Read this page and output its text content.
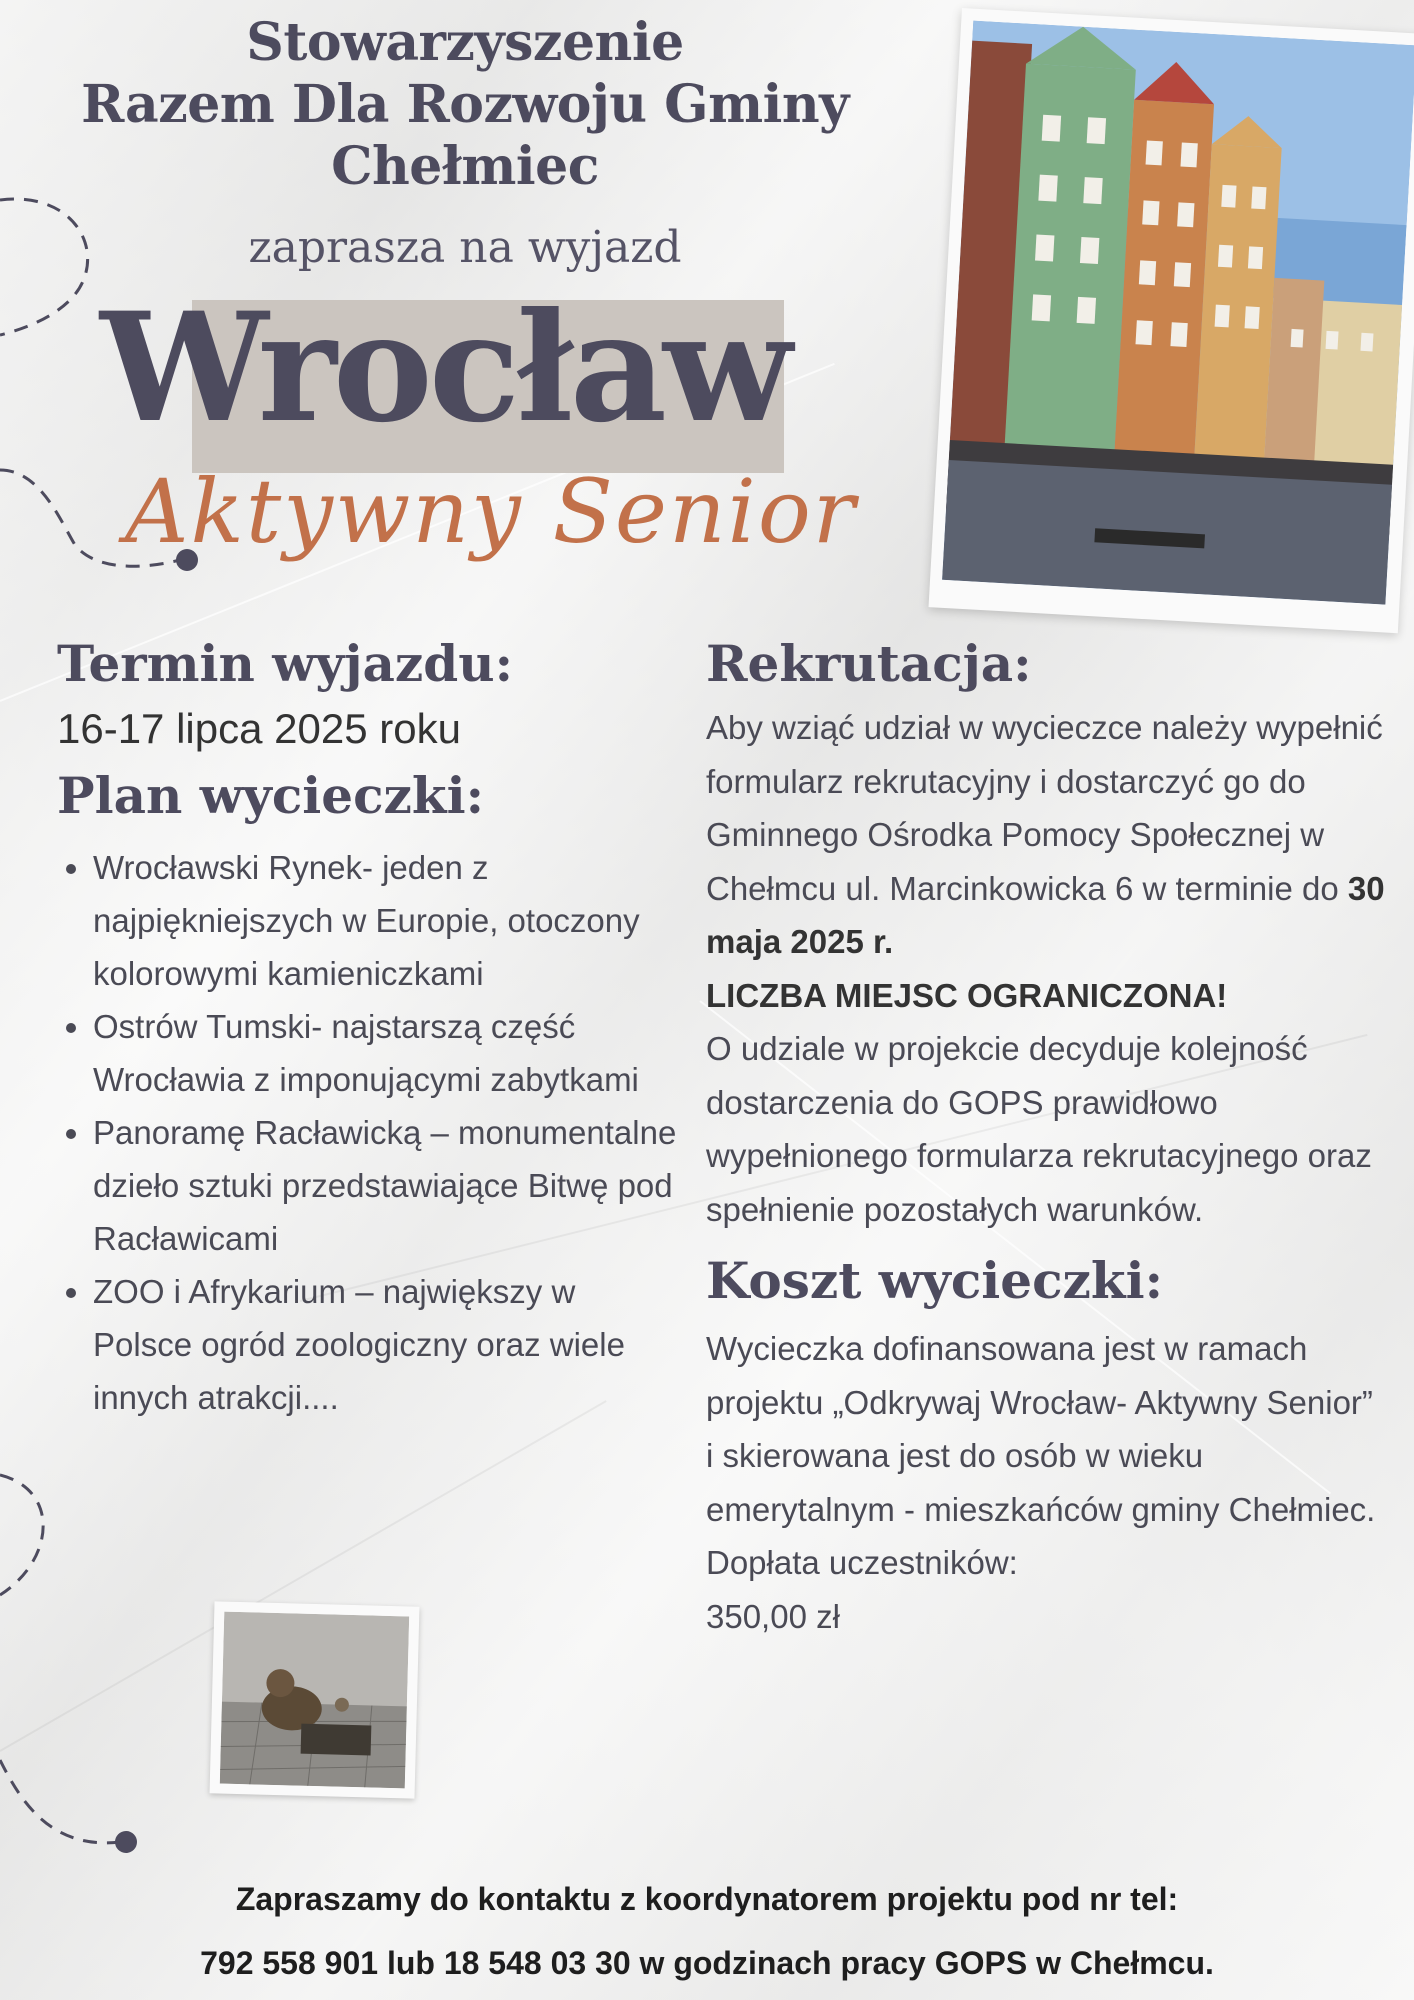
Stowarzyszenie
Razem Dla Rozwoju Gminy
Chełmiec
zaprasza na wyjazd
Wrocław
Aktywny Senior
Termin wyjazdu:
16-17 lipca 2025 roku
Plan wycieczki:
• Wrocławski Rynek- jeden z najpiękniejszych w Europie, otoczony kolorowymi kamieniczkami
• Ostrów Tumski- najstarszą część Wrocławia z imponującymi zabytkami
• Panoramę Racławicką – monumentalne dzieło sztuki przedstawiające Bitwę pod Racławicami
• ZOO i Afrykarium – największy w Polsce ogród zoologiczny oraz wiele innych atrakcji....
Rekrutacja:

Aby wziąć udział w wycieczce należy wypełnić formularz rekrutacyjny i dostarczyć go do Gminnego Ośrodka Pomocy Społecznej w Chełmcu ul. Marcinkowicka 6 w terminie do 30 maja 2025 r.

LICZBA MIEJSC OGRANICZONA!

O udziale w projekcie decyduje kolejność dostarczenia do GOPS prawidłowo wypełnionego formularza rekrutacyjnego oraz spełnienie pozostałych warunków.

Koszt wycieczki:

Wycieczka dofinansowana jest w ramach projektu „Odkrywaj Wrocław- Aktywny Senior” i skierowana jest do osób w wieku emerytalnym - mieszkańców gminy Chełmiec.

Dopłata uczestników:

350,00 zł

Zapraszamy do kontaktu z koordynatorem projektu pod nr tel:
792 558 901 lub 18 548 03 30 w godzinach pracy GOPS w Chełmcu.
